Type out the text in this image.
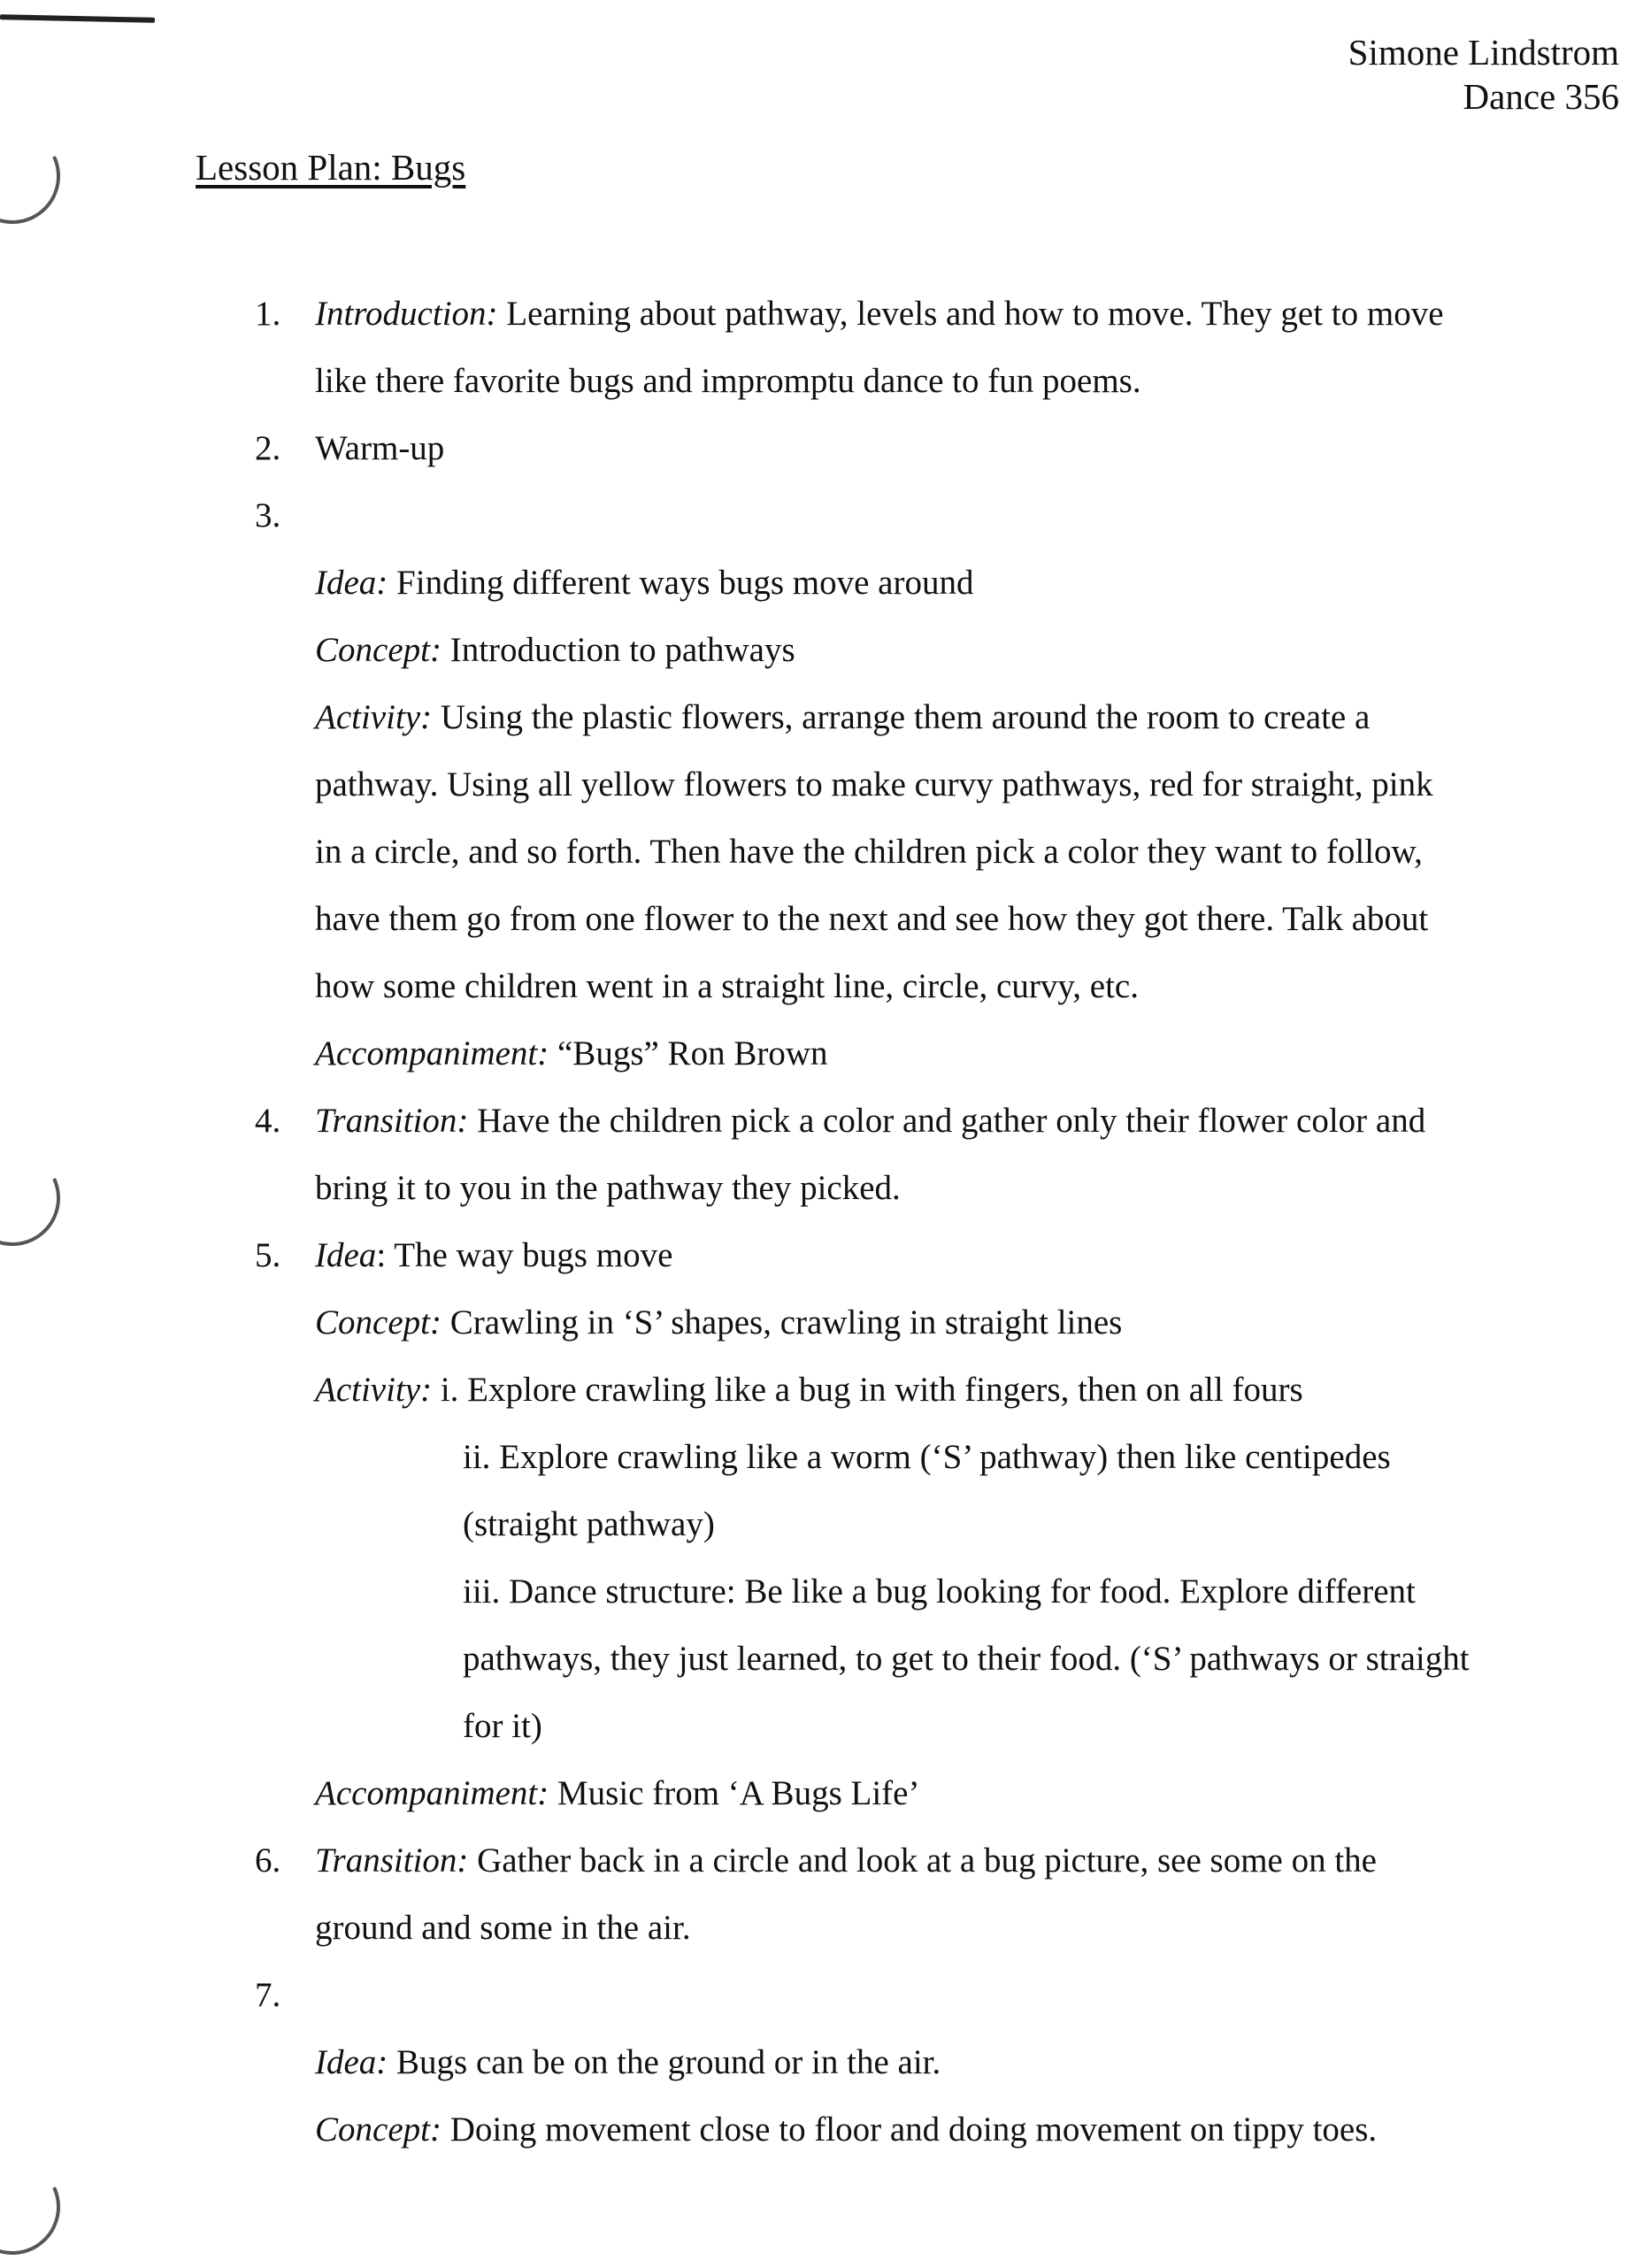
Simone Lindstrom
Dance 356
Lesson Plan: Bugs
1. Introduction: Learning about pathway, levels and how to move. They get to move
like there favorite bugs and impromptu dance to fun poems.
2. Warm-up
3.
Idea: Finding different ways bugs move around
Concept: Introduction to pathways
Activity: Using the plastic flowers, arrange them around the room to create a
pathway. Using all yellow flowers to make curvy pathways, red for straight, pink
in a circle, and so forth. Then have the children pick a color they want to follow,
have them go from one flower to the next and see how they got there. Talk about
how some children went in a straight line, circle, curvy, etc.
Accompaniment: “Bugs” Ron Brown
4. Transition: Have the children pick a color and gather only their flower color and
bring it to you in the pathway they picked.
5. Idea: The way bugs move
Concept: Crawling in ‘S’ shapes, crawling in straight lines
Activity: i. Explore crawling like a bug in with fingers, then on all fours
ii. Explore crawling like a worm (‘S’ pathway) then like centipedes
(straight pathway)
iii. Dance structure: Be like a bug looking for food. Explore different
pathways, they just learned, to get to their food. (‘S’ pathways or straight
for it)
Accompaniment: Music from ‘A Bugs Life’
6. Transition: Gather back in a circle and look at a bug picture, see some on the
ground and some in the air.
7.
Idea: Bugs can be on the ground or in the air.
Concept: Doing movement close to floor and doing movement on tippy toes.
